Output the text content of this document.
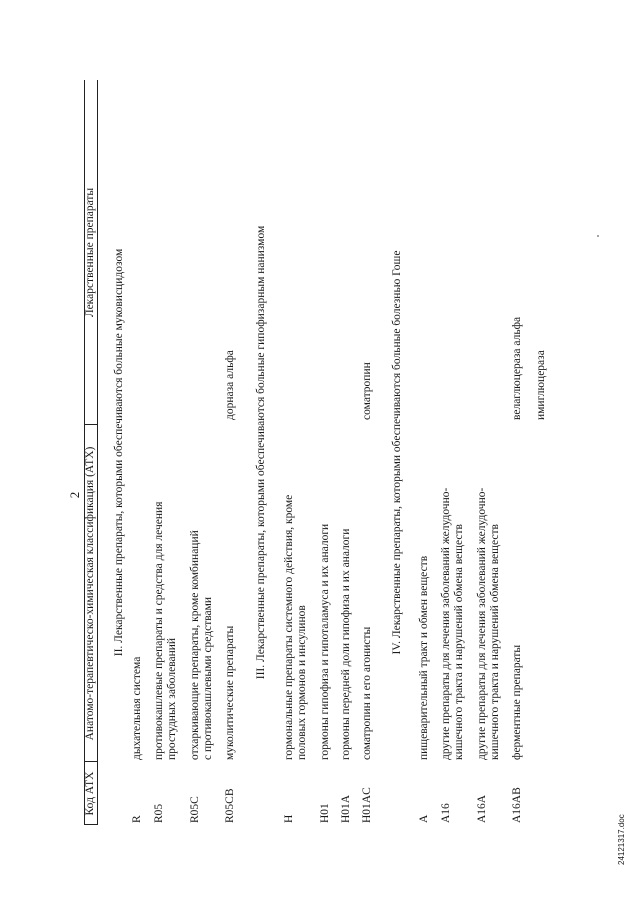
2
Код АТХ
Анатомо-терапевтическо-химическая классификация (АТХ)
Лекарственные препараты II. Лекарственные препараты, которыми обеспечиваются больные муковисцидозом
R
дыхательная система
R05
противокашлевые препараты и средства для лечения простудных заболеваний
R05C
отхаркивающие препараты, кроме комбинаций с противокашлевыми средствами
R05CB
муколитические препараты
дорназа альфа III. Лекарственные препараты, которыми обеспечиваются больные гипофизарным нанизмом
H
гормональные препараты системного действия, кроме половых гормонов и инсулинов
H01
гормоны гипофиза и гипоталамуса и их аналоги
H01A
гормоны передней доли гипофиза и их аналоги
H01AC
соматропин и его агонисты
соматропин IV. Лекарственные препараты, которыми обеспечиваются больные болезнью Гоше
A
пищеварительный тракт и обмен веществ
A16
другие препараты для лечения заболеваний желудочно- кишечного тракта и нарушений обмена веществ
A16A
другие препараты для лечения заболеваний желудочно- кишечного тракта и нарушений обмена веществ
A16AB
ферментные препараты
велаглюцераза альфа имиглюцераза
24121317.doc
